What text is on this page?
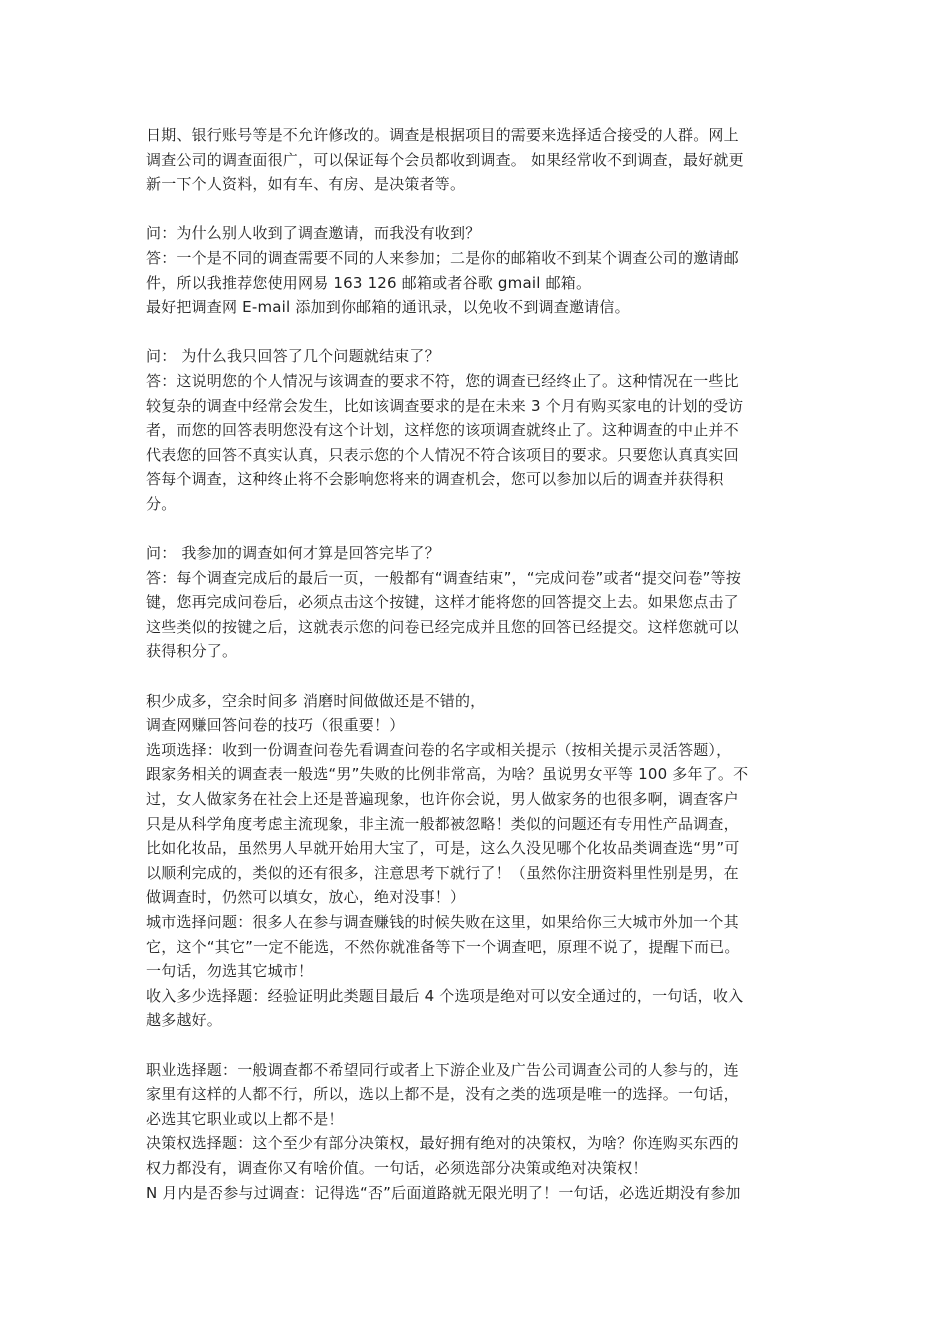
日期、银行账号等是不允许修改的。调查是根据项目的需要来选择适合接受的人群。网上
调查公司的调查面很广，可以保证每个会员都收到调查。 如果经常收不到调查，最好就更
新一下个人资料，如有车、有房、是决策者等。
问：为什么别人收到了调查邀请，而我没有收到？
答：一个是不同的调查需要不同的人来参加；二是你的邮箱收不到某个调查公司的邀请邮
件，所以我推荐您使用网易 163 126 邮箱或者谷歌 gmail 邮箱。
最好把调查网 E-mail 添加到你邮箱的通讯录，以免收不到调查邀请信。
问： 为什么我只回答了几个问题就结束了？
答：这说明您的个人情况与该调查的要求不符，您的调查已经终止了。这种情况在一些比
较复杂的调查中经常会发生，比如该调查要求的是在未来 3 个月有购买家电的计划的受访
者，而您的回答表明您没有这个计划，这样您的该项调查就终止了。这种调查的中止并不
代表您的回答不真实认真，只表示您的个人情况不符合该项目的要求。只要您认真真实回
答每个调查，这种终止将不会影响您将来的调查机会，您可以参加以后的调查并获得积
分。
问： 我参加的调查如何才算是回答完毕了？
答：每个调查完成后的最后一页，一般都有“调查结束”，“完成问卷”或者“提交问卷”等按
键，您再完成问卷后，必须点击这个按键，这样才能将您的回答提交上去。如果您点击了
这些类似的按键之后，这就表示您的问卷已经完成并且您的回答已经提交。这样您就可以
获得积分了。
积少成多，空余时间多 消磨时间做做还是不错的，
调查网赚回答问卷的技巧（很重要！）
选项选择：收到一份调查问卷先看调查问卷的名字或相关提示（按相关提示灵活答题），
跟家务相关的调查表一般选“男”失败的比例非常高，为啥？虽说男女平等 100 多年了。不
过，女人做家务在社会上还是普遍现象，也许你会说，男人做家务的也很多啊，调查客户
只是从科学角度考虑主流现象，非主流一般都被忽略！类似的问题还有专用性产品调查，
比如化妆品，虽然男人早就开始用大宝了，可是，这么久没见哪个化妆品类调查选“男”可
以顺利完成的，类似的还有很多，注意思考下就行了！（虽然你注册资料里性别是男，在
做调查时，仍然可以填女，放心，绝对没事！）
城市选择问题：很多人在参与调查赚钱的时候失败在这里，如果给你三大城市外加一个其
它，这个“其它”一定不能选，不然你就准备等下一个调查吧，原理不说了，提醒下而已。
一句话，勿选其它城市！
收入多少选择题：经验证明此类题目最后 4 个选项是绝对可以安全通过的，一句话，收入
越多越好。
职业选择题：一般调查都不希望同行或者上下游企业及广告公司调查公司的人参与的，连
家里有这样的人都不行，所以，选以上都不是，没有之类的选项是唯一的选择。一句话，
必选其它职业或以上都不是！
决策权选择题：这个至少有部分决策权，最好拥有绝对的决策权，为啥？你连购买东西的
权力都没有，调查你又有啥价值。一句话，必须选部分决策或绝对决策权！
N 月内是否参与过调查：记得选“否”后面道路就无限光明了！一句话，必选近期没有参加
